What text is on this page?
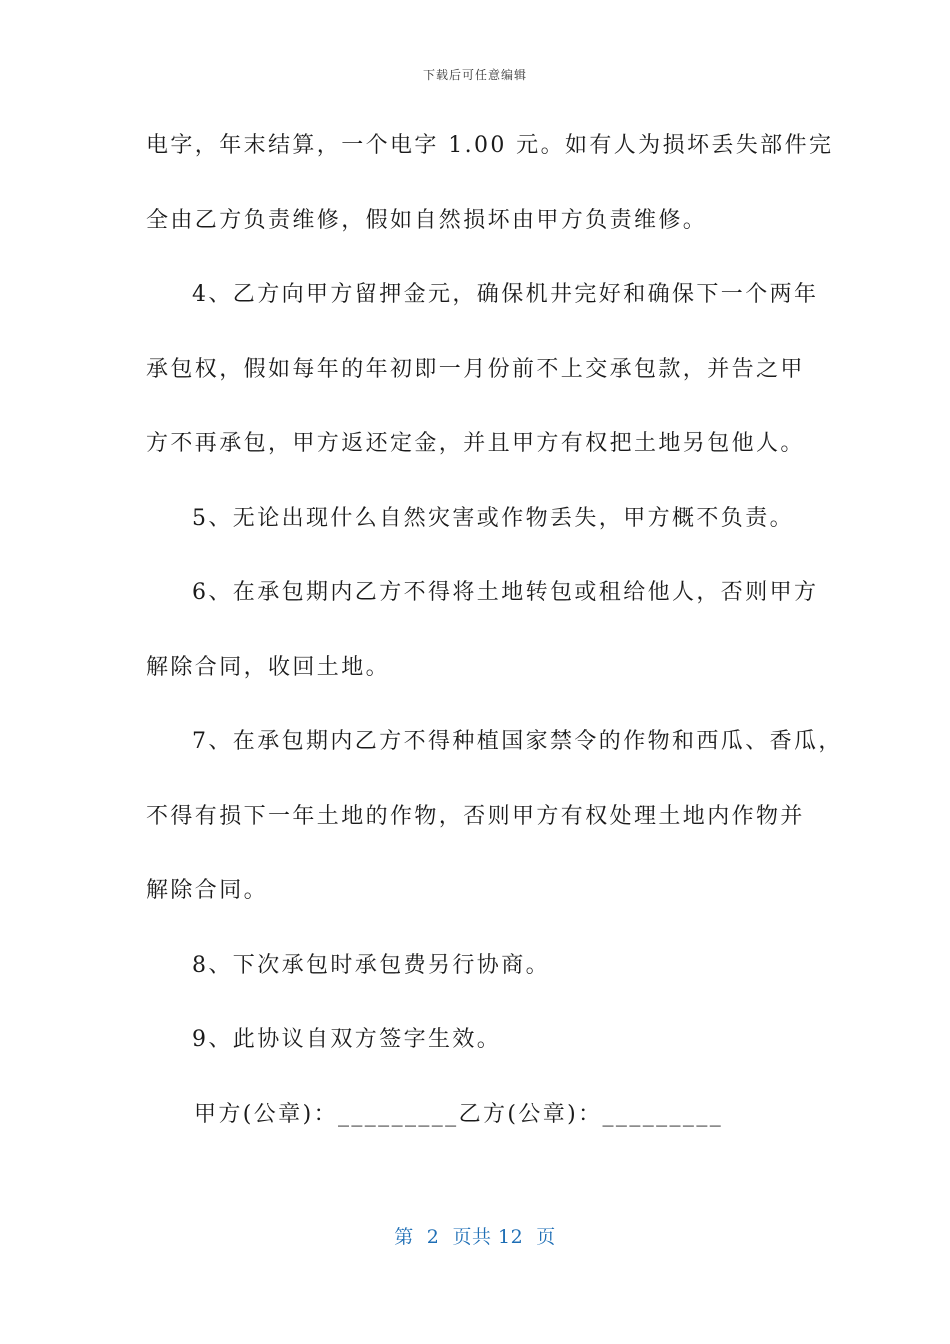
下载后可任意编辑
电字，年末结算，一个电字 1.00 元。如有人为损坏丢失部件完
全由乙方负责维修，假如自然损坏由甲方负责维修。
4、乙方向甲方留押金元，确保机井完好和确保下一个两年
承包权，假如每年的年初即一月份前不上交承包款，并告之甲
方不再承包，甲方返还定金，并且甲方有权把土地另包他人。
5、无论出现什么自然灾害或作物丢失，甲方概不负责。
6、在承包期内乙方不得将土地转包或租给他人，否则甲方
解除合同，收回土地。
7、在承包期内乙方不得种植国家禁令的作物和西瓜、香瓜，
不得有损下一年土地的作物，否则甲方有权处理土地内作物并
解除合同。
8、下次承包时承包费另行协商。
9、此协议自双方签字生效。
甲方(公章)：_________乙方(公章)：_________
第  2  页共 12  页
